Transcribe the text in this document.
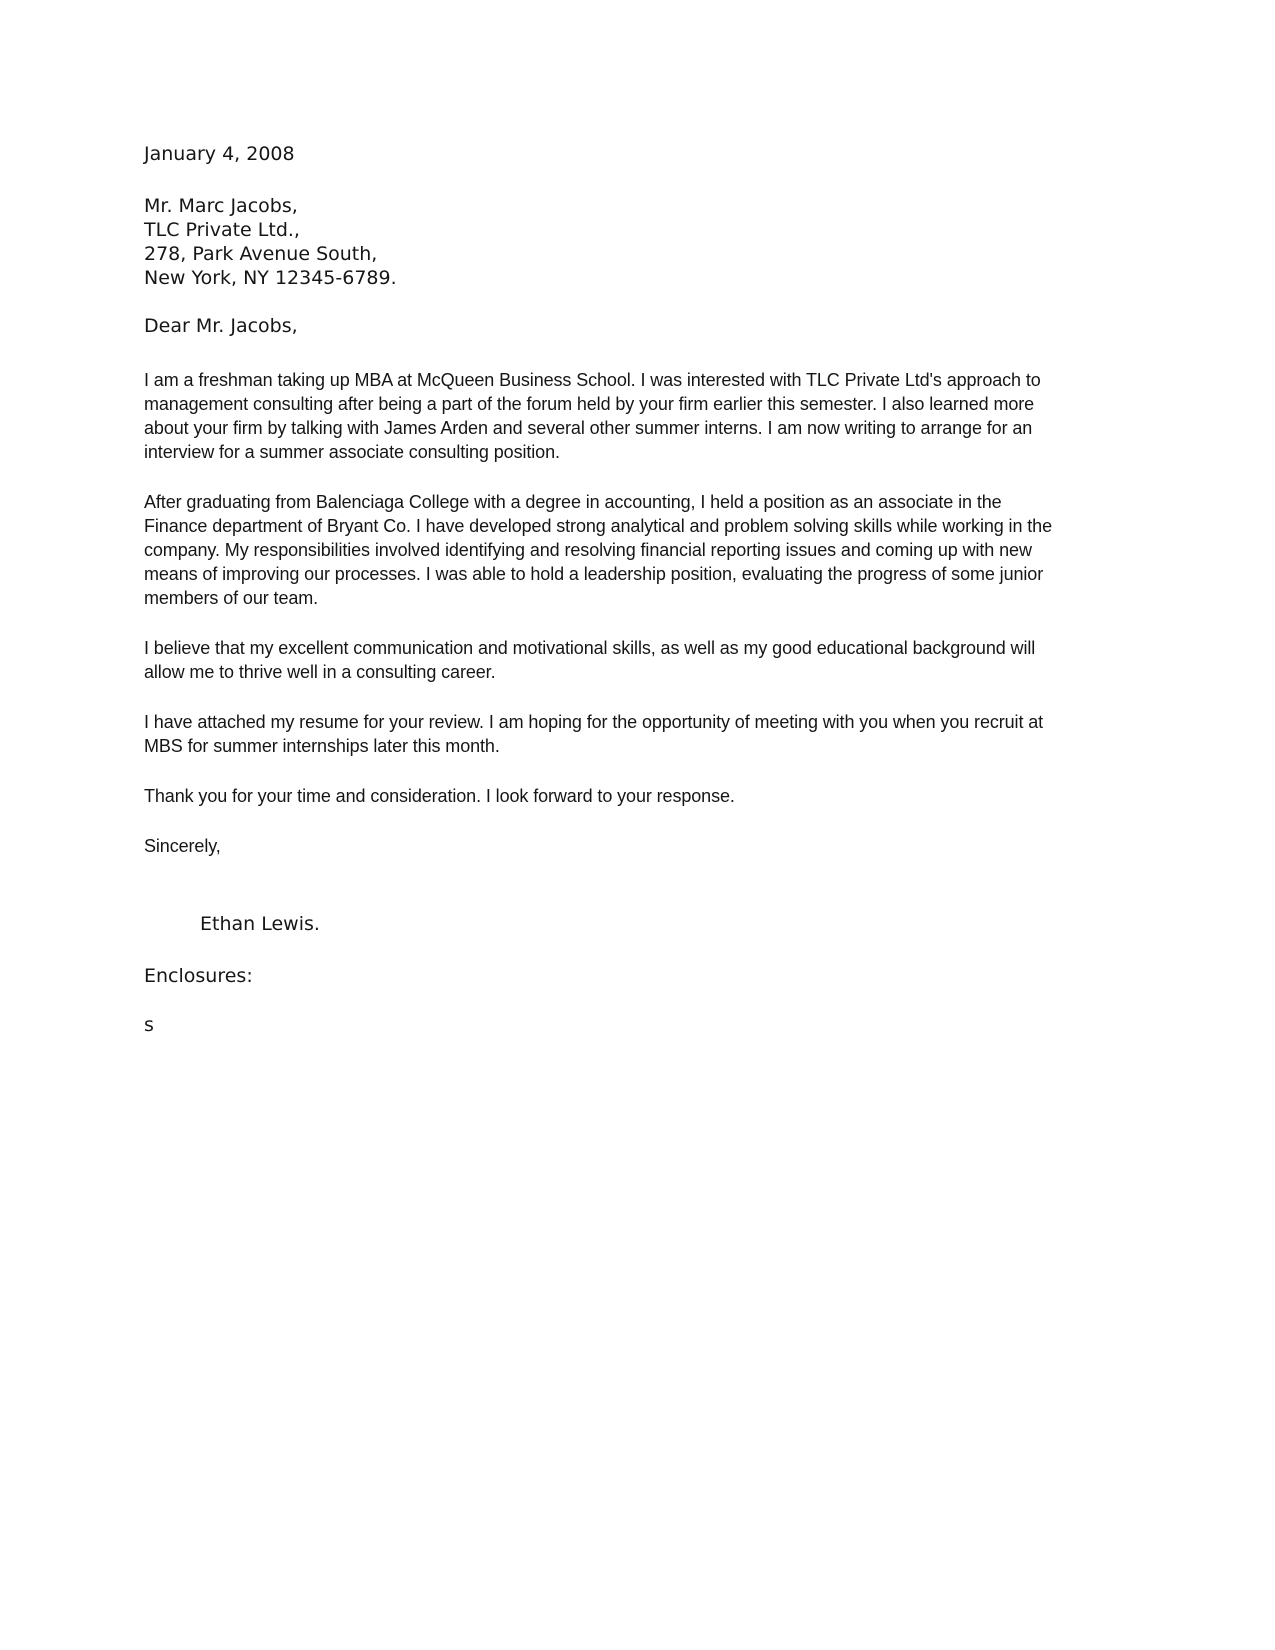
January 4, 2008
Mr. Marc Jacobs,
TLC Private Ltd.,
278, Park Avenue South,
New York, NY 12345-6789.
Dear Mr. Jacobs,

I am a freshman taking up MBA at McQueen Business School. I was interested with TLC Private Ltd's approach to management consulting after being a part of the forum held by your firm earlier this semester. I also learned more about your firm by talking with James Arden and several other summer interns. I am now writing to arrange for an interview for a summer associate consulting position.

After graduating from Balenciaga College with a degree in accounting, I held a position as an associate in the Finance department of Bryant Co. I have developed strong analytical and problem solving skills while working in the company. My responsibilities involved identifying and resolving financial reporting issues and coming up with new means of improving our processes. I was able to hold a leadership position, evaluating the progress of some junior members of our team.

I believe that my excellent communication and motivational skills, as well as my good educational background will allow me to thrive well in a consulting career.

I have attached my resume for your review. I am hoping for the opportunity of meeting with you when you recruit at MBS for summer internships later this month.

Thank you for your time and consideration. I look forward to your response.

Sincerely,

Ethan Lewis.

Enclosures:

s
